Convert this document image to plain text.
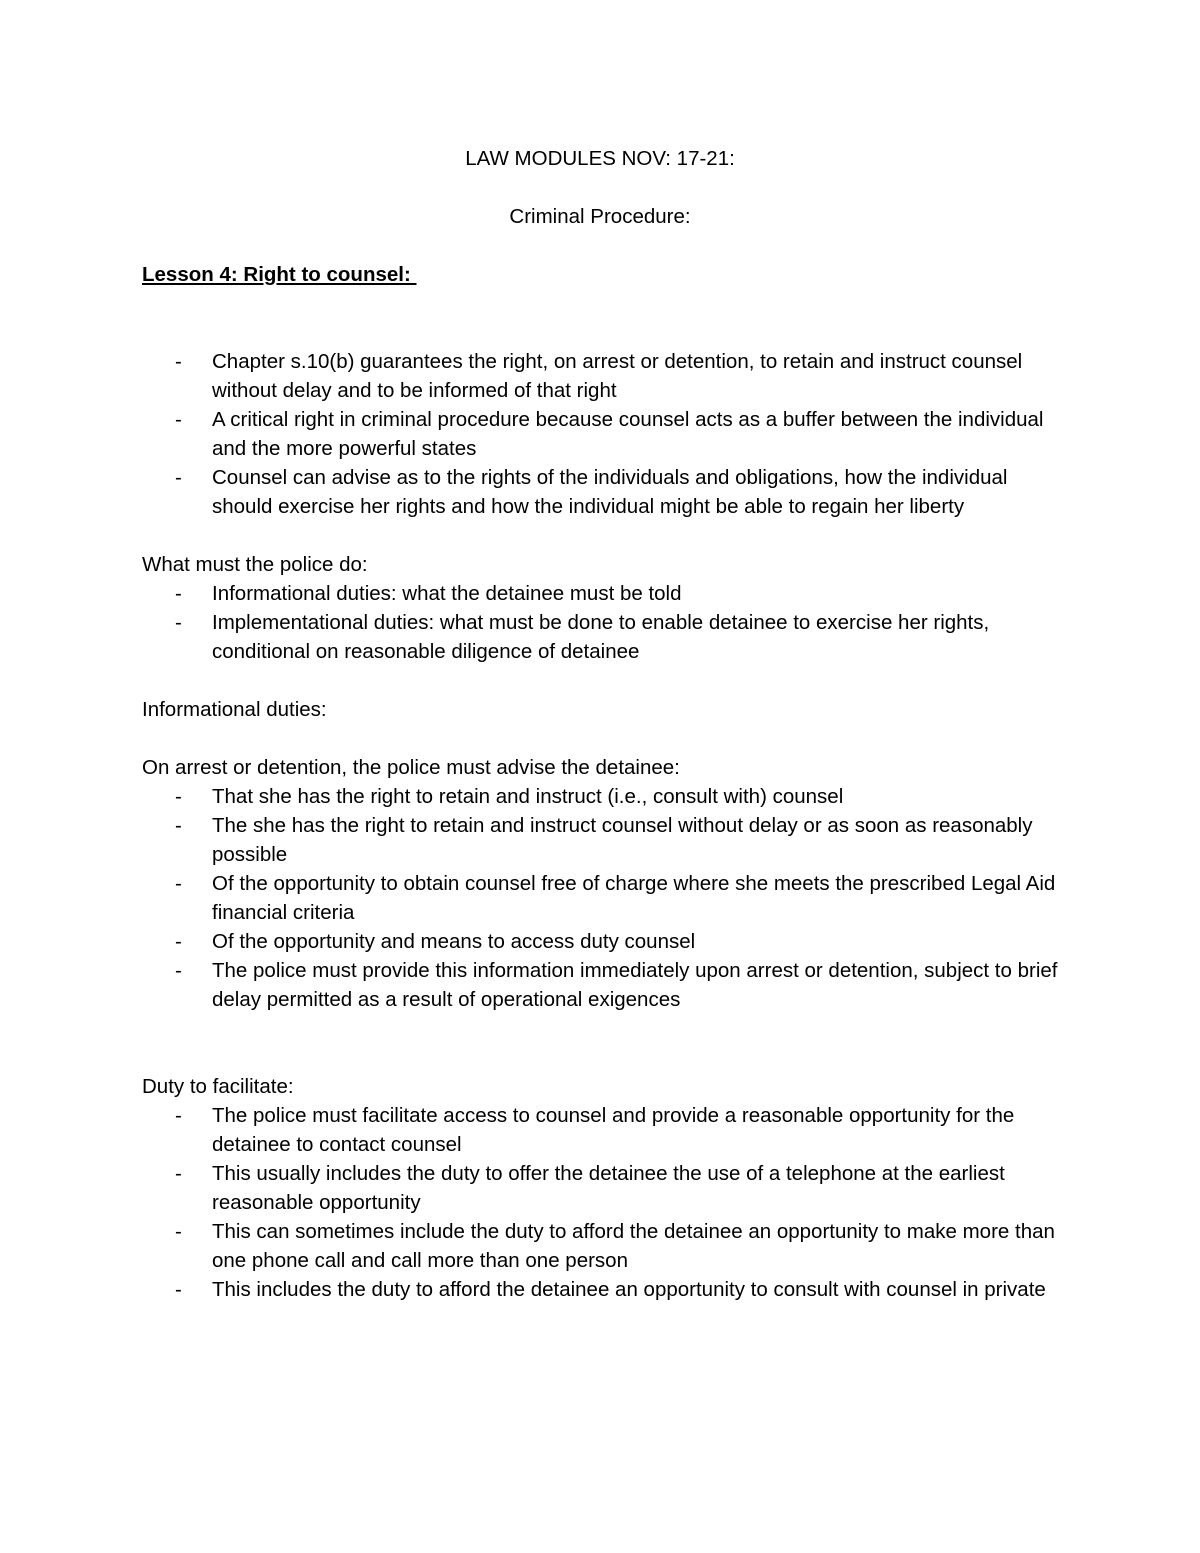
LAW MODULES NOV: 17-21:
Criminal Procedure:
Lesson 4: Right to counsel:
- Chapter s.10(b) guarantees the right, on arrest or detention, to retain and instruct counsel without delay and to be informed of that right
- A critical right in criminal procedure because counsel acts as a buffer between the individual and the more powerful states
- Counsel can advise as to the rights of the individuals and obligations, how the individual should exercise her rights and how the individual might be able to regain her liberty
What must the police do:
- Informational duties: what the detainee must be told
- Implementational duties: what must be done to enable detainee to exercise her rights, conditional on reasonable diligence of detainee
Informational duties:
On arrest or detention, the police must advise the detainee:
- That she has the right to retain and instruct (i.e., consult with) counsel
- The she has the right to retain and instruct counsel without delay or as soon as reasonably possible
- Of the opportunity to obtain counsel free of charge where she meets the prescribed Legal Aid financial criteria
- Of the opportunity and means to access duty counsel
- The police must provide this information immediately upon arrest or detention, subject to brief delay permitted as a result of operational exigences
Duty to facilitate:
- The police must facilitate access to counsel and provide a reasonable opportunity for the detainee to contact counsel
- This usually includes the duty to offer the detainee the use of a telephone at the earliest reasonable opportunity
- This can sometimes include the duty to afford the detainee an opportunity to make more than one phone call and call more than one person
- This includes the duty to afford the detainee an opportunity to consult with counsel in private
